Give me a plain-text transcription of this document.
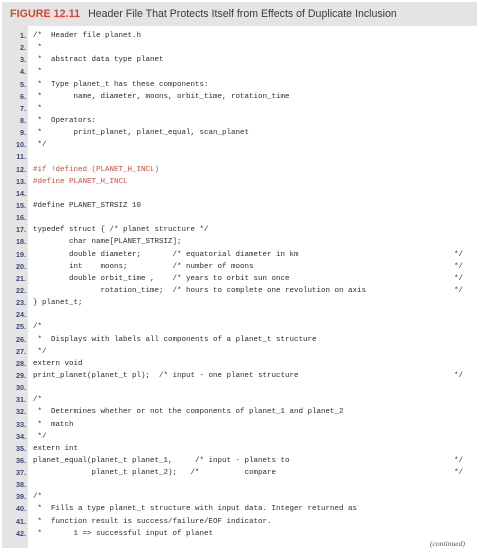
FIGURE 12.11 Header File That Protects Itself from Effects of Duplicate Inclusion
1. /*  Header file planet.h
2. *
3. *  abstract data type planet
4. *
5. *  Type planet_t has these components:
6. *       name, diameter, moons, orbit_time, rotation_time
7. *
8. *  Operators:
9. *       print_planet, planet_equal, scan_planet
10. */
11.
12. #if !defined (PLANET_H_INCL)
13. #define PLANET_H_INCL
14.
15. #define PLANET_STRSIZ 10
16.
17. typedef struct { /* planet structure */
18. char name[PLANET_STRSIZ];
19. double diameter;       /* equatorial diameter in km	*/
20. int    moons;          /* number of moons	*/
21. double orbit_time ,    /* years to orbit sun once	*/
22. rotation_time;  /* hours to complete one revolution on axis	*/
23. } planet_t;
24.
25. /*
26. *  Displays with labels all components of a planet_t structure
27. */
28. extern void
29. print_planet(planet_t pl);  /* input - one planet structure	*/
30.
31. /*
32. *  Determines whether or not the components of planet_1 and planet_2
33. *  match
34. */
35. extern int
36. planet_equal(planet_t planet_1,     /* input - planets to	*/
37. planet_t planet_2);   /*          compare	*/
38.
39. /*
40. *  Fills a type planet_t structure with input data. Integer returned as
41. *  function result is success/failure/EOF indicator.
42. *       1 => successful input of planet
(continued)
